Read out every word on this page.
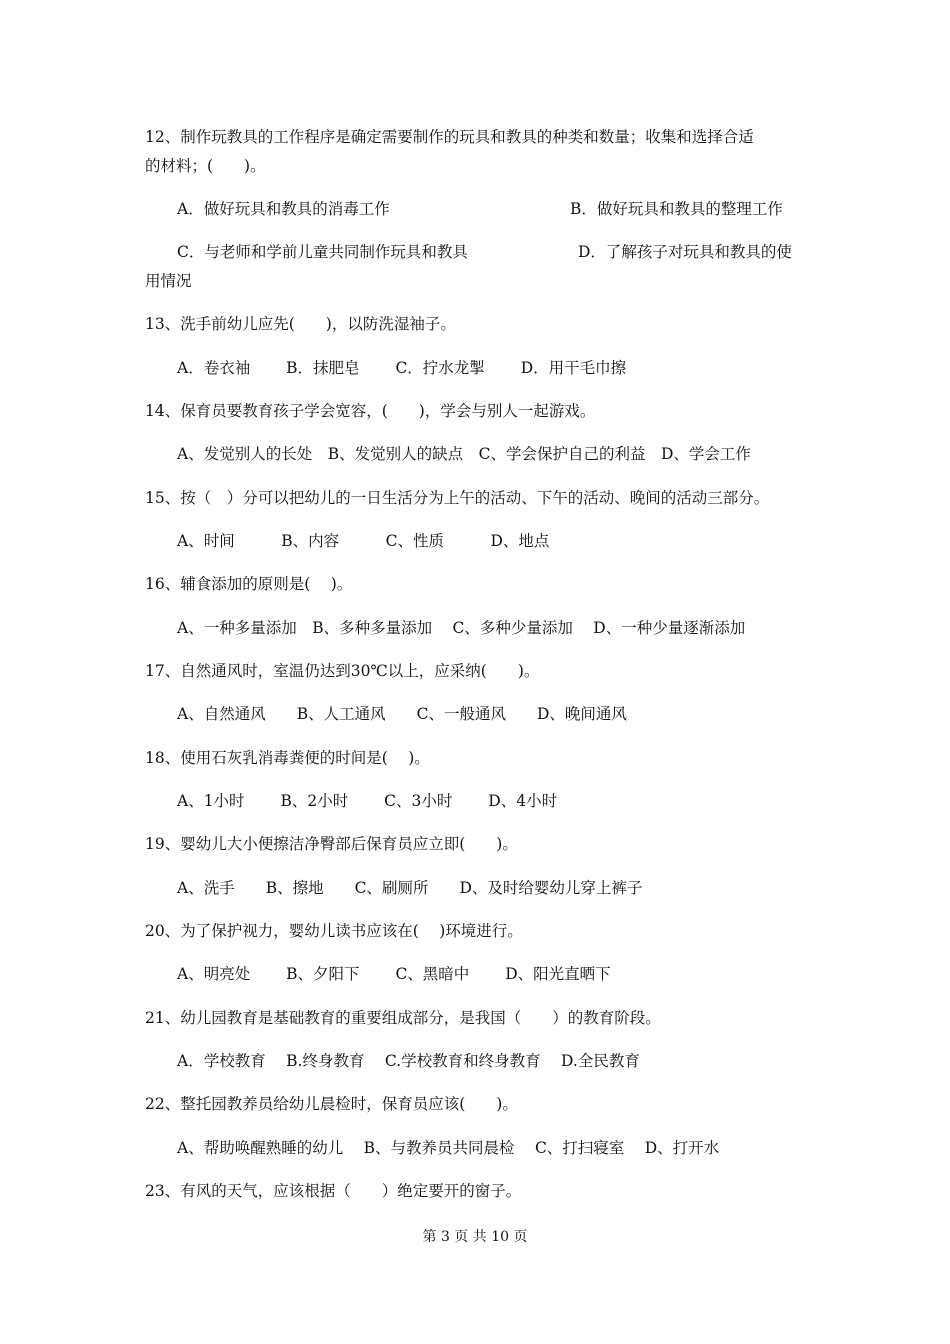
12、制作玩教具的工作程序是确定需要制作的玩具和教具的种类和数量；收集和选择合适
的材料；(　　)。
A．做好玩具和教具的消毒工作	B．做好玩具和教具的整理工作
C．与老师和学前儿童共同制作玩具和教具	D．了解孩子对玩具和教具的使
用情况
13、洗手前幼儿应先(　　)，以防洗湿袖子。
A．卷衣袖　　 B．抹肥皂　　 C．拧水龙掣　　 D．用干毛巾擦
14、保育员要教育孩子学会宽容，(　　)，学会与别人一起游戏。
A、发觉别人的长处　B、发觉别人的缺点　C、学会保护自己的利益　D、学会工作
15、按（　）分可以把幼儿的一日生活分为上午的活动、下午的活动、晚间的活动三部分。
A、时间　　　B、内容　　　C、性质　　　D、地点
16、辅食添加的原则是(　 )。
A、一种多量添加　B、多种多量添加　 C、多种少量添加　 D、一种少量逐渐添加
17、自然通风时，室温仍达到30℃以上，应采纳(　　)。
A、自然通风　　B、人工通风　　C、一般通风　　D、晚间通风
18、使用石灰乳消毒粪便的时间是(　 )。
A、1小时　　 B、2小时　　 C、3小时　　 D、4小时
19、婴幼儿大小便擦洁净臀部后保育员应立即(　　)。
A、洗手　　B、擦地　　C、刷厕所　　D、及时给婴幼儿穿上裤子
20、为了保护视力，婴幼儿读书应该在(　 )环境进行。
A、明亮处　　 B、夕阳下　　 C、黑暗中　　 D、阳光直晒下
21、幼儿园教育是基础教育的重要组成部分，是我国（　　）的教育阶段。
A．学校教育　 B.终身教育　 C.学校教育和终身教育　 D.全民教育
22、整托园教养员给幼儿晨检时，保育员应该(　　)。
A、帮助唤醒熟睡的幼儿　 B、与教养员共同晨检　 C、打扫寝室　 D、打开水
23、有风的天气，应该根据（　　）绝定要开的窗子。
第 3 页 共 10 页
